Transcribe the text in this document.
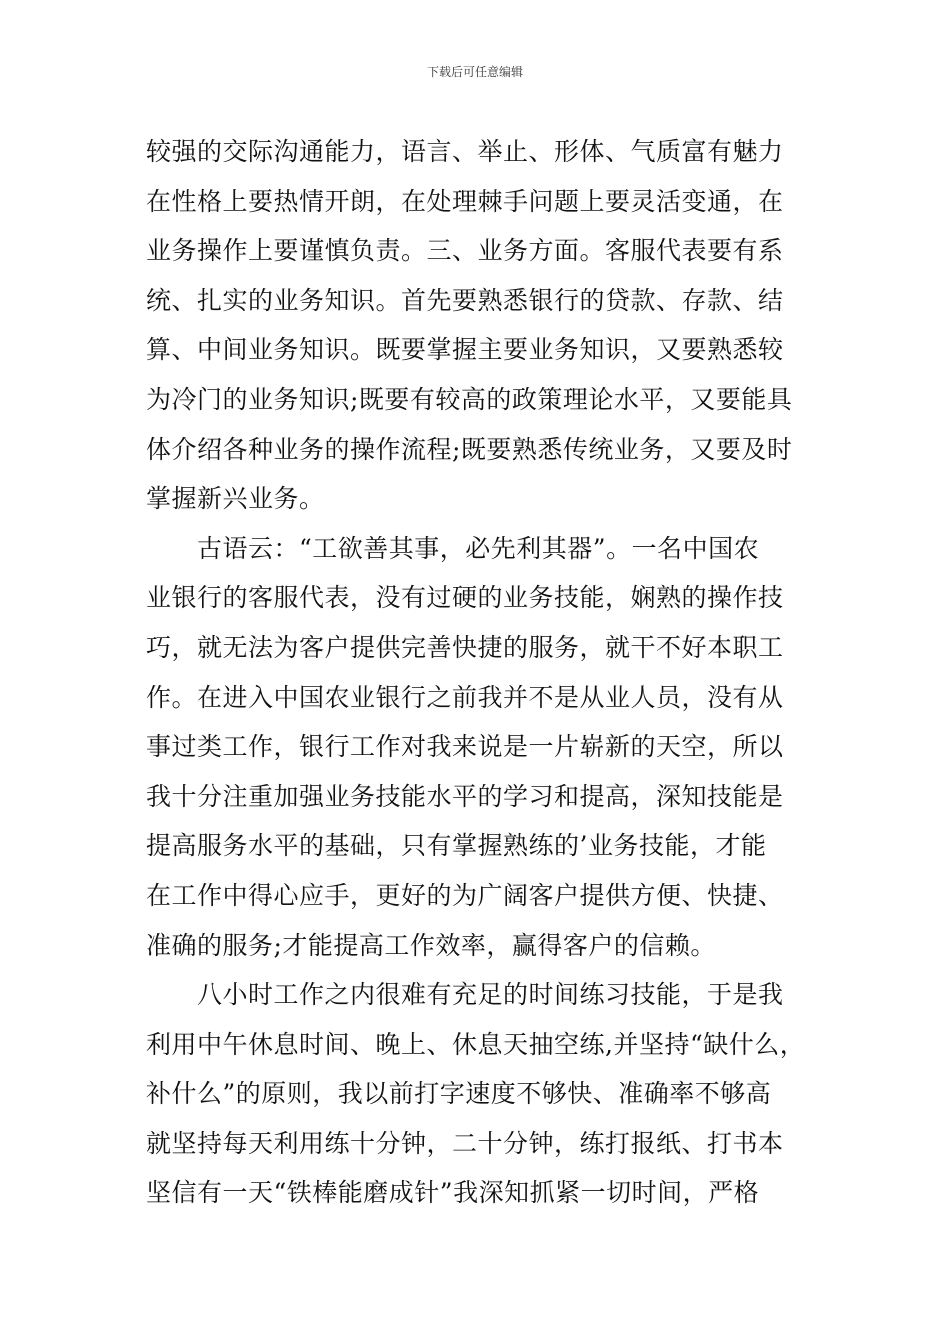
下载后可任意编辑
较强的交际沟通能力，语言、举止、形体、气质富有魅力
在性格上要热情开朗，在处理棘手问题上要灵活变通，在
业务操作上要谨慎负责。三、业务方面。客服代表要有系
统、扎实的业务知识。首先要熟悉银行的贷款、存款、结
算、中间业务知识。既要掌握主要业务知识，又要熟悉较
为冷门的业务知识;既要有较高的政策理论水平，又要能具
体介绍各种业务的操作流程;既要熟悉传统业务，又要及时
掌握新兴业务。
　　古语云：“工欲善其事，必先利其器”。一名中国农
业银行的客服代表，没有过硬的业务技能，娴熟的操作技
巧，就无法为客户提供完善快捷的服务，就干不好本职工
作。在进入中国农业银行之前我并不是从业人员，没有从
事过类工作，银行工作对我来说是一片崭新的天空，所以
我十分注重加强业务技能水平的学习和提高，深知技能是
提高服务水平的基础，只有掌握熟练的’业务技能，才能
在工作中得心应手，更好的为广阔客户提供方便、快捷、
准确的服务;才能提高工作效率，赢得客户的信赖。
　　八小时工作之内很难有充足的时间练习技能，于是我
利用中午休息时间、晚上、休息天抽空练,并坚持“缺什么，
补什么”的原则，我以前打字速度不够快、准确率不够高
就坚持每天利用练十分钟，二十分钟，练打报纸、打书本
坚信有一天“铁棒能磨成针”我深知抓紧一切时间，严格
